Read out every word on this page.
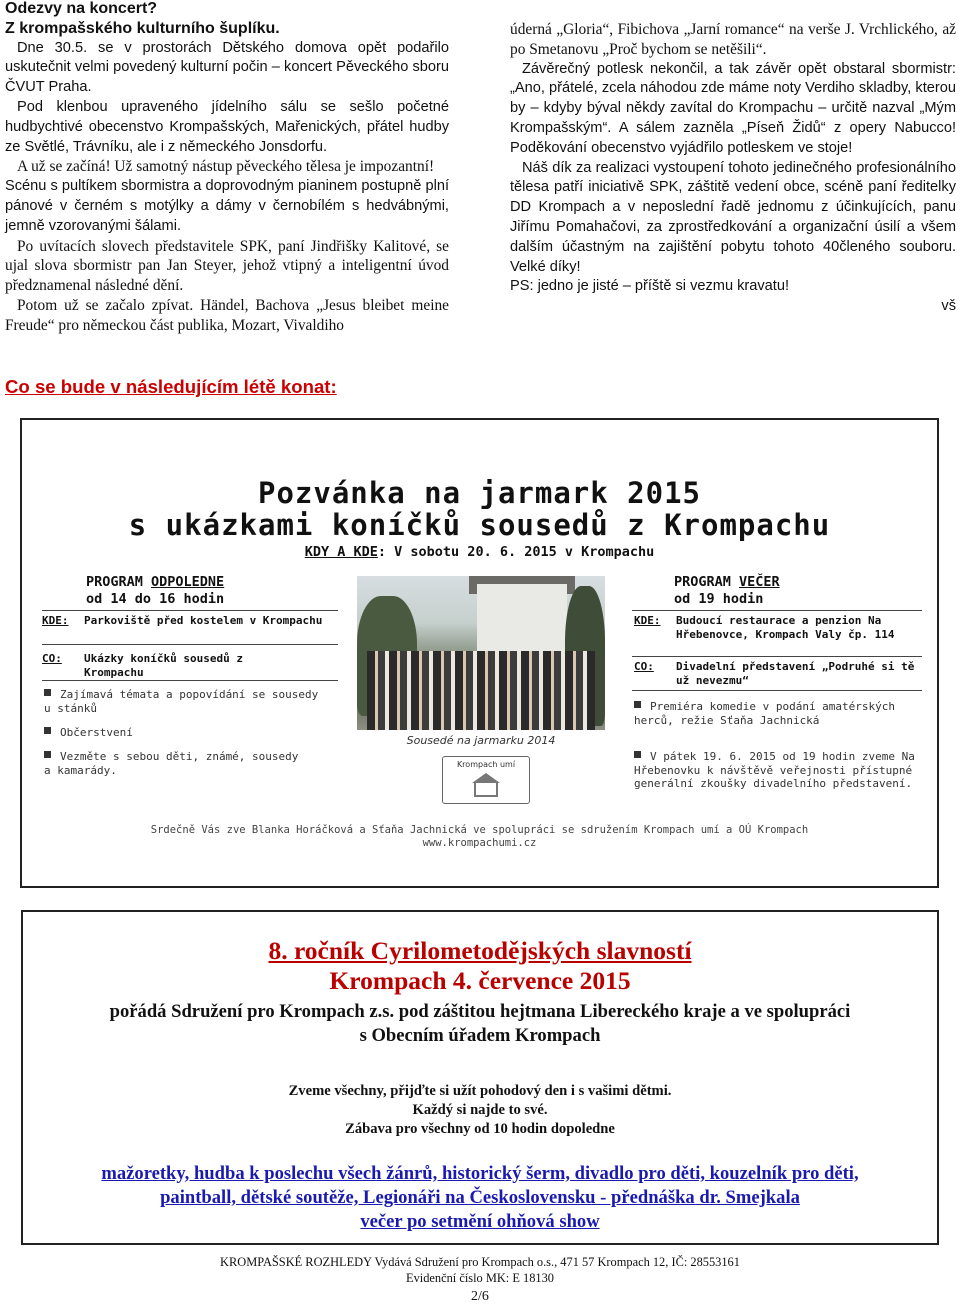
Odezvy na koncert?

Z krompašského kulturního šuplíku.

Dne 30.5. se v prostorách Dětského domova opět podařilo uskutečnit velmi povedený kulturní počin – koncert Pěveckého sboru ČVUT Praha.

Pod klenbou upraveného jídelního sálu se sešlo početné hudbychtivé obecenstvo Krompašských, Mařenických, přátel hudby ze Světlé, Trávníku, ale i z německého Jonsdorfu.

A už se začíná! Už samotný nástup pěveckého tělesa je impozantní!

Scénu s pultíkem sbormistra a doprovodným pianinem postupně plní pánové v černém s motýlky a dámy v černobílém s hedvábnými, jemně vzorovanými šálami.

Po uvítacích slovech představitele SPK, paní Jindřišky Kalitové, se ujal slova sbormistr pan Jan Steyer, jehož vtipný a inteligentní úvod předznamenal následné dění.

Potom už se začalo zpívat. Händel, Bachova „Jesus bleibet meine Freude“ pro německou část publika, Mozart, Vivaldiho

úderná „Gloria“, Fibichova „Jarní romance“ na verše J. Vrchlického, až po Smetanovu „Proč bychom se netěšili“.

Závěrečný potlesk nekončil, a tak závěr opět obstaral sbormistr: „Ano, přátelé, zcela náhodou zde máme noty Verdiho skladby, kterou by – kdyby býval někdy zavítal do Krompachu – určitě nazval „Mým Krompašským“. A sálem zazněla „Píseň Židů“ z opery Nabucco! Poděkování obecenstvo vyjádřilo potleskem ve stoje!

Náš dík za realizaci vystoupení tohoto jedinečného profesionálního tělesa patří iniciativě SPK, záštitě vedení obce, scéně paní ředitelky DD Krompach a v neposlední řadě jednomu z účinkujících, panu Jiřímu Pomahačovi, za zprostředkování a organizační úsilí a všem dalším účastným na zajištění pobytu tohoto 40členého souboru. Velké díky!

PS: jedno je jisté – příště si vezmu kravatu!

vš

Co se bude v následujícím létě konat:

Pozvánka na jarmark 2015
s ukázkami koníčků sousedů z Krompachu
KDY A KDE: V sobotu 20. 6. 2015 v Krompachu
PROGRAM ODPOLEDNE
od 14 do 16 hodin
KDE: Parkoviště před kostelem v Krompachu
CO: Ukázky koníčků sousedů z Krompachu
Zajímavá témata a popovídání se sousedy u stánků
Občerstvení
Vezměte s sebou děti, známé, sousedy a kamarády.
Sousedé na jarmarku 2014
Krompach umí
PROGRAM VEČER
od 19 hodin
KDE: Budoucí restaurace a penzion Na Hřebenovce, Krompach Valy čp. 114
CO: Divadelní představení „Podruhé si tě už nevezmu“
Premiéra komedie v podání amatérských herců, režie Sťaňa Jachnická
V pátek 19. 6. 2015 od 19 hodin zveme Na Hřebenovku k návštěvě veřejnosti přístupné generální zkoušky divadelního představení.
Srdečně Vás zve Blanka Horáčková a Sťaňa Jachnická ve spolupráci se sdružením Krompach umí a OÚ Krompach
www.krompachumi.cz

8. ročník Cyrilometodějských slavností

Krompach 4. července 2015

pořádá Sdružení pro Krompach z.s. pod záštitou hejtmana Libereckého kraje a ve spolupráci

s Obecním úřadem Krompach

Zveme všechny, přijďte si užít pohodový den i s vašimi dětmi.

Každý si najde to své.

Zábava pro všechny od 10 hodin dopoledne

mažoretky, hudba k poslechu všech žánrů, historický šerm, divadlo pro děti, kouzelník pro děti,

paintball, dětské soutěže, Legionáři na Československu - přednáška dr. Smejkala

večer po setmění ohňová show

KROMPAŠSKÉ ROZHLEDY Vydává Sdružení pro Krompach o.s., 471 57 Krompach 12, IČ: 28553161
Evidenční číslo MK: E 18130
2/6
